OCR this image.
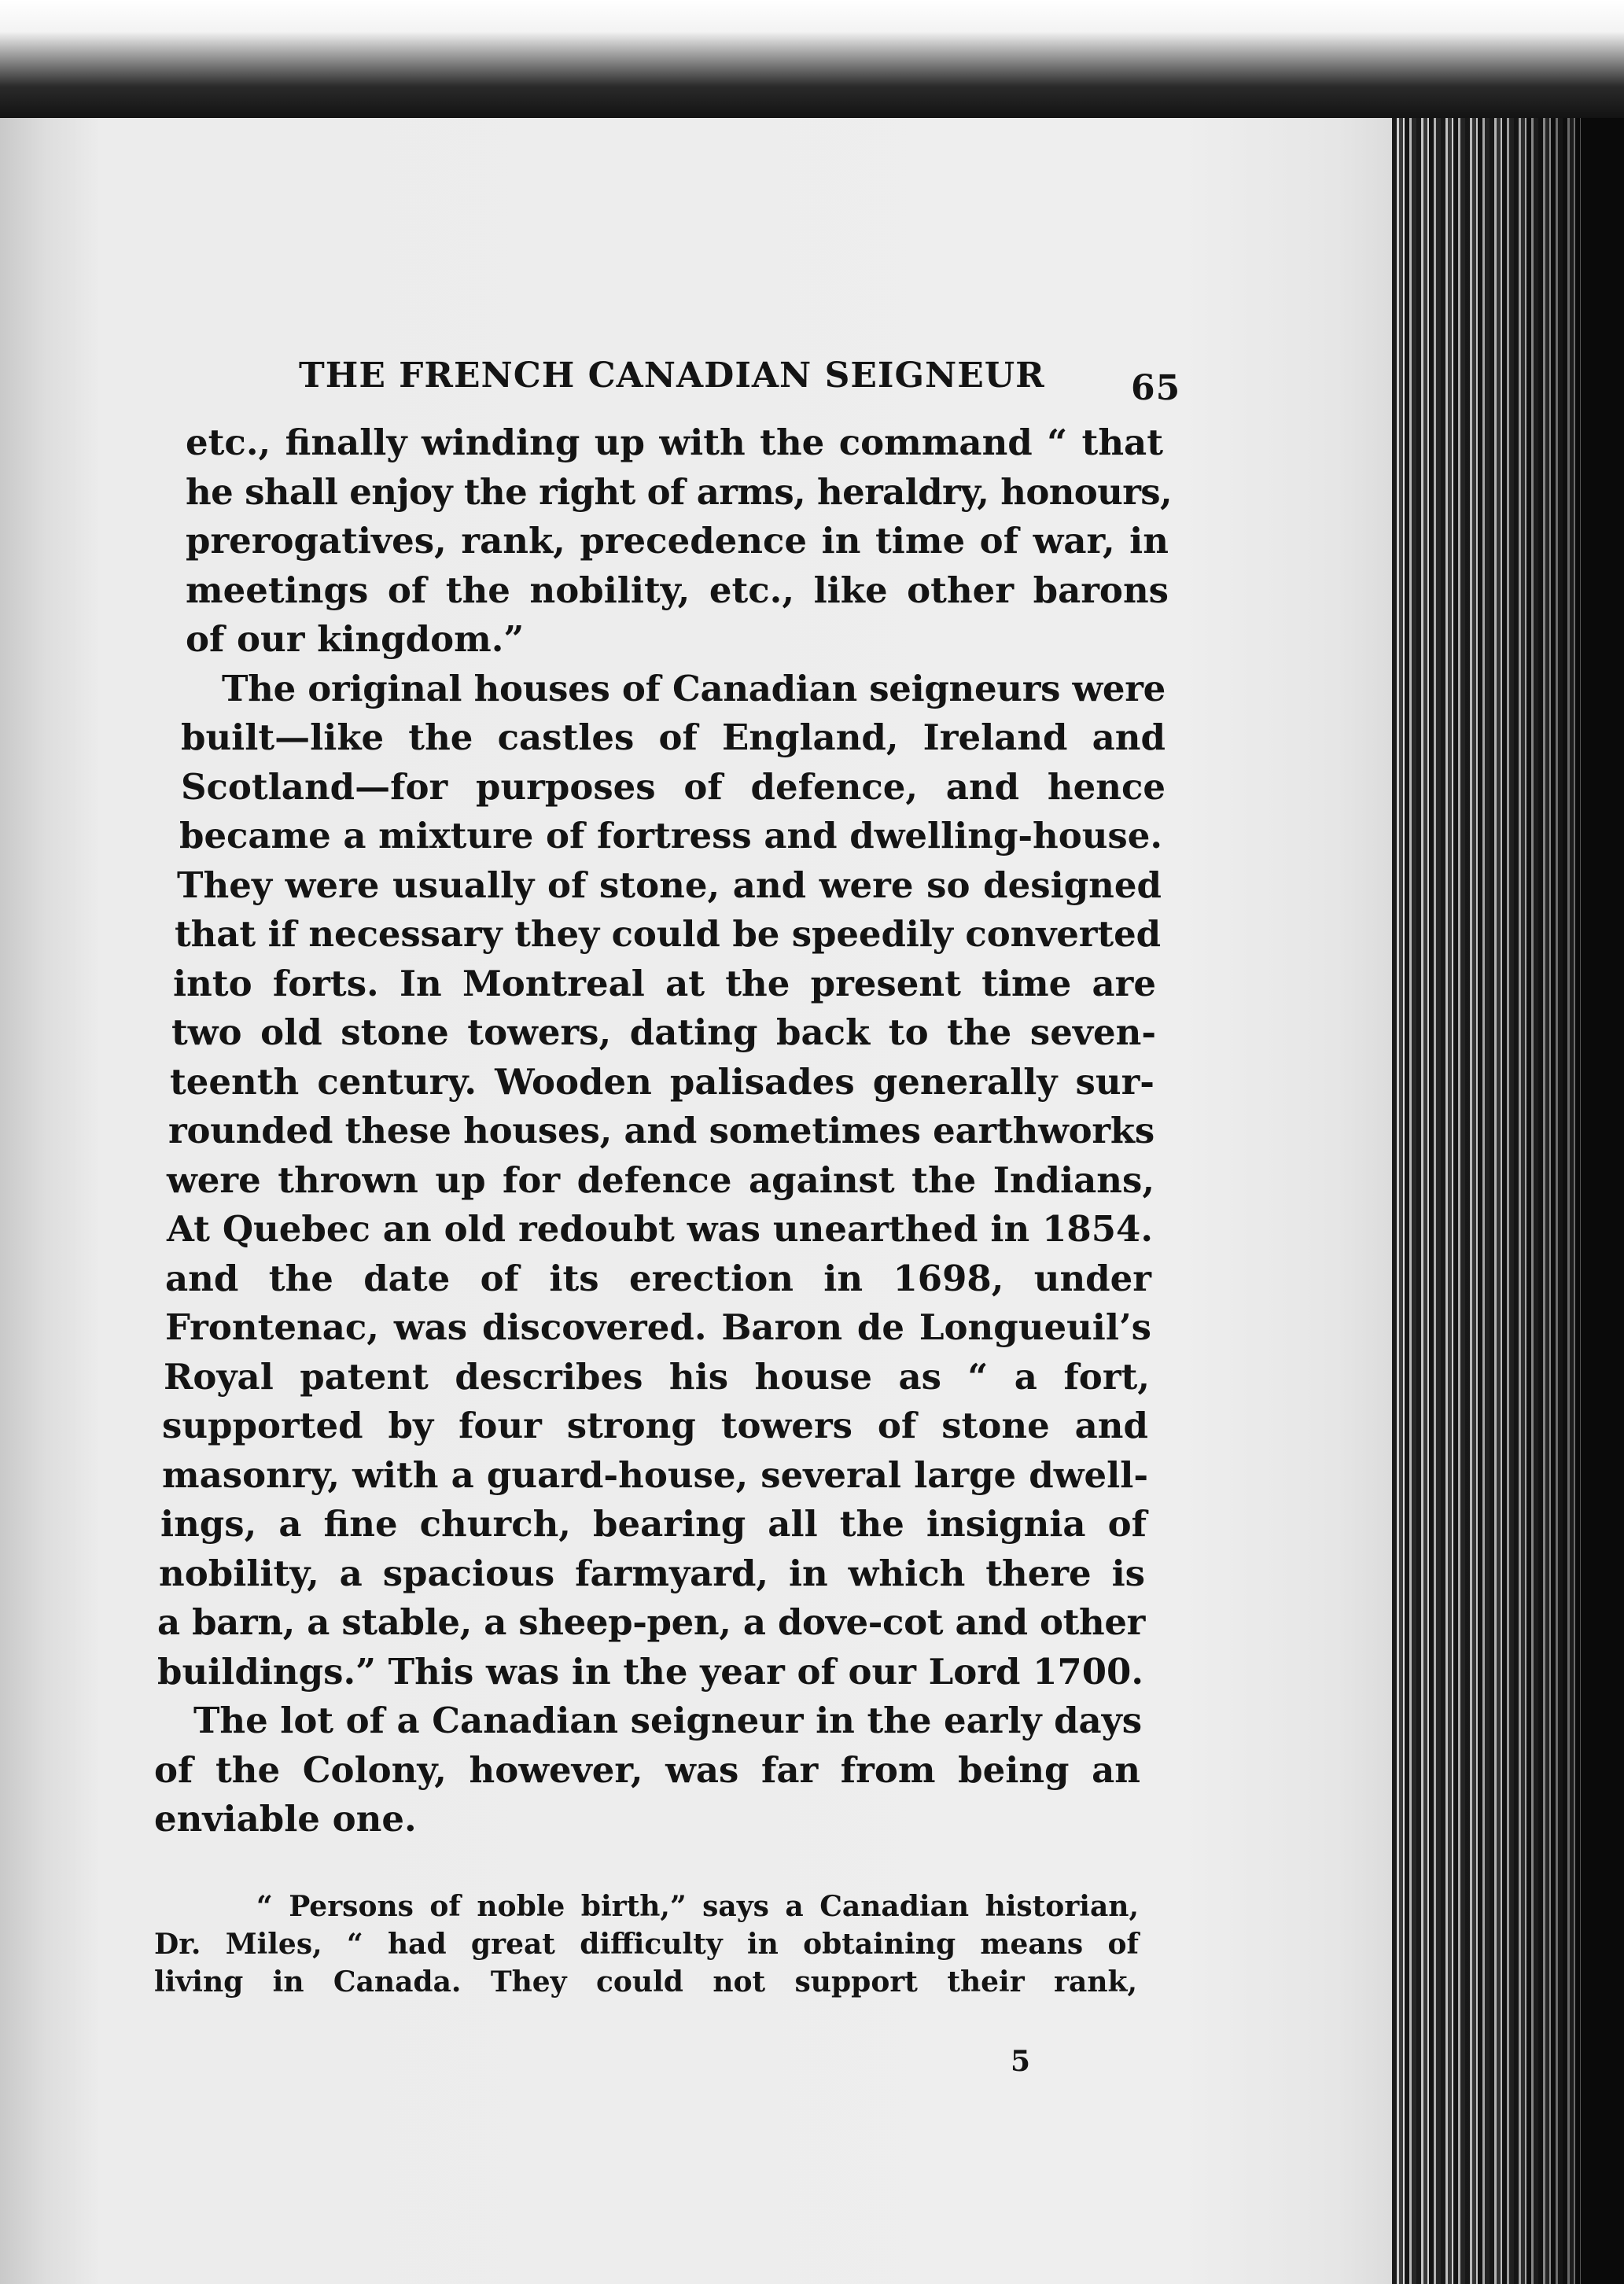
THE FRENCH CANADIAN SEIGNEUR 65
etc., finally winding up with the command “ that
he shall enjoy the right of arms, heraldry, honours,
prerogatives, rank, precedence in time of war, in
meetings of the nobility, etc., like other barons
of our kingdom.”
The original houses of Canadian seigneurs were
built—like the castles of England, Ireland and
Scotland—for purposes of defence, and hence
became a mixture of fortress and dwelling-house.
They were usually of stone, and were so designed
that if necessary they could be speedily converted
into forts. In Montreal at the present time are
two old stone towers, dating back to the seven-
teenth century. Wooden palisades generally sur-
rounded these houses, and sometimes earthworks
were thrown up for defence against the Indians,
At Quebec an old redoubt was unearthed in 1854.
and the date of its erection in 1698, under
Frontenac, was discovered. Baron de Longueuil’s
Royal patent describes his house as “ a fort,
supported by four strong towers of stone and
masonry, with a guard-house, several large dwell-
ings, a fine church, bearing all the insignia of
nobility, a spacious farmyard, in which there is
a barn, a stable, a sheep-pen, a dove-cot and other
buildings.” This was in the year of our Lord 1700.
The lot of a Canadian seigneur in the early days
of the Colony, however, was far from being an
enviable one.
“ Persons of noble birth,” says a Canadian historian,
Dr. Miles, “ had great difficulty in obtaining means of
living in Canada. They could not support their rank,
5
